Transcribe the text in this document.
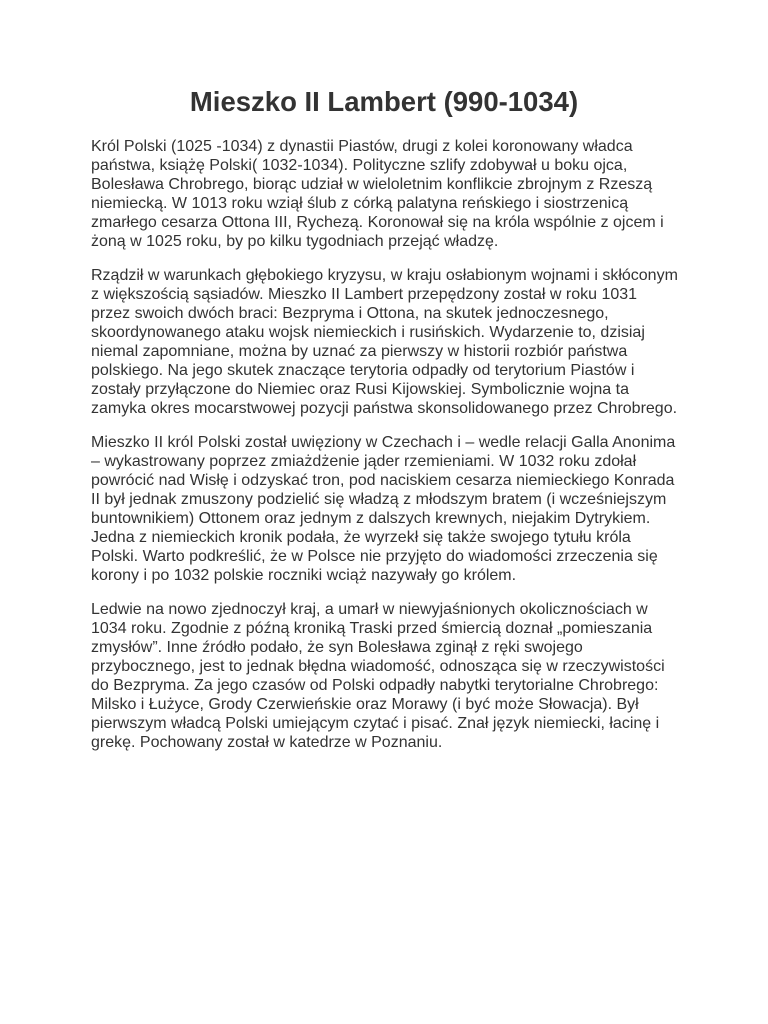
Mieszko II Lambert (990-1034)

Król Polski (1025 -1034) z dynastii Piastów, drugi z kolei koronowany władca państwa, książę Polski( 1032-1034). Polityczne szlify zdobywał u boku ojca, Bolesława Chrobrego, biorąc udział w wieloletnim konflikcie zbrojnym z Rzeszą niemiecką. W 1013 roku wziął ślub z córką palatyna reńskiego i siostrzenicą zmarłego cesarza Ottona III, Rychezą. Koronował się na króla wspólnie z ojcem i żoną w 1025 roku, by po kilku tygodniach przejąć władzę.

Rządził w warunkach głębokiego kryzysu, w kraju osłabionym wojnami i skłóconym z większością sąsiadów. Mieszko II Lambert przepędzony został w roku 1031 przez swoich dwóch braci: Bezpryma i Ottona, na skutek jednoczesnego, skoordynowanego ataku wojsk niemieckich i rusińskich. Wydarzenie to, dzisiaj niemal zapomniane, można by uznać za pierwszy w historii rozbiór państwa polskiego. Na jego skutek znaczące terytoria odpadły od terytorium Piastów i zostały przyłączone do Niemiec oraz Rusi Kijowskiej. Symbolicznie wojna ta zamyka okres mocarstwowej pozycji państwa skonsolidowanego przez Chrobrego.

Mieszko II król Polski został uwięziony w Czechach i – wedle relacji Galla Anonima – wykastrowany poprzez zmiażdżenie jąder rzemieniami. W 1032 roku zdołał powrócić nad Wisłę i odzyskać tron, pod naciskiem cesarza niemieckiego Konrada II był jednak zmuszony podzielić się władzą z młodszym bratem (i wcześniejszym buntownikiem) Ottonem oraz jednym z dalszych krewnych, niejakim Dytrykiem. Jedna z niemieckich kronik podała, że wyrzekł się także swojego tytułu króla Polski. Warto podkreślić, że w Polsce nie przyjęto do wiadomości zrzeczenia się korony i po 1032 polskie roczniki wciąż nazywały go królem.

Ledwie na nowo zjednoczył kraj, a umarł w niewyjaśnionych okolicznościach w 1034 roku. Zgodnie z późną kroniką Traski przed śmiercią doznał „pomieszania zmysłów”. Inne źródło podało, że syn Bolesława zginął z ręki swojego przybocznego, jest to jednak błędna wiadomość, odnosząca się w rzeczywistości do Bezpryma. Za jego czasów od Polski odpadły nabytki terytorialne Chrobrego: Milsko i Łużyce, Grody Czerwieńskie oraz Morawy (i być może Słowacja). Był pierwszym władcą Polski umiejącym czytać i pisać. Znał język niemiecki, łacinę i grekę. Pochowany został w katedrze w Poznaniu.
